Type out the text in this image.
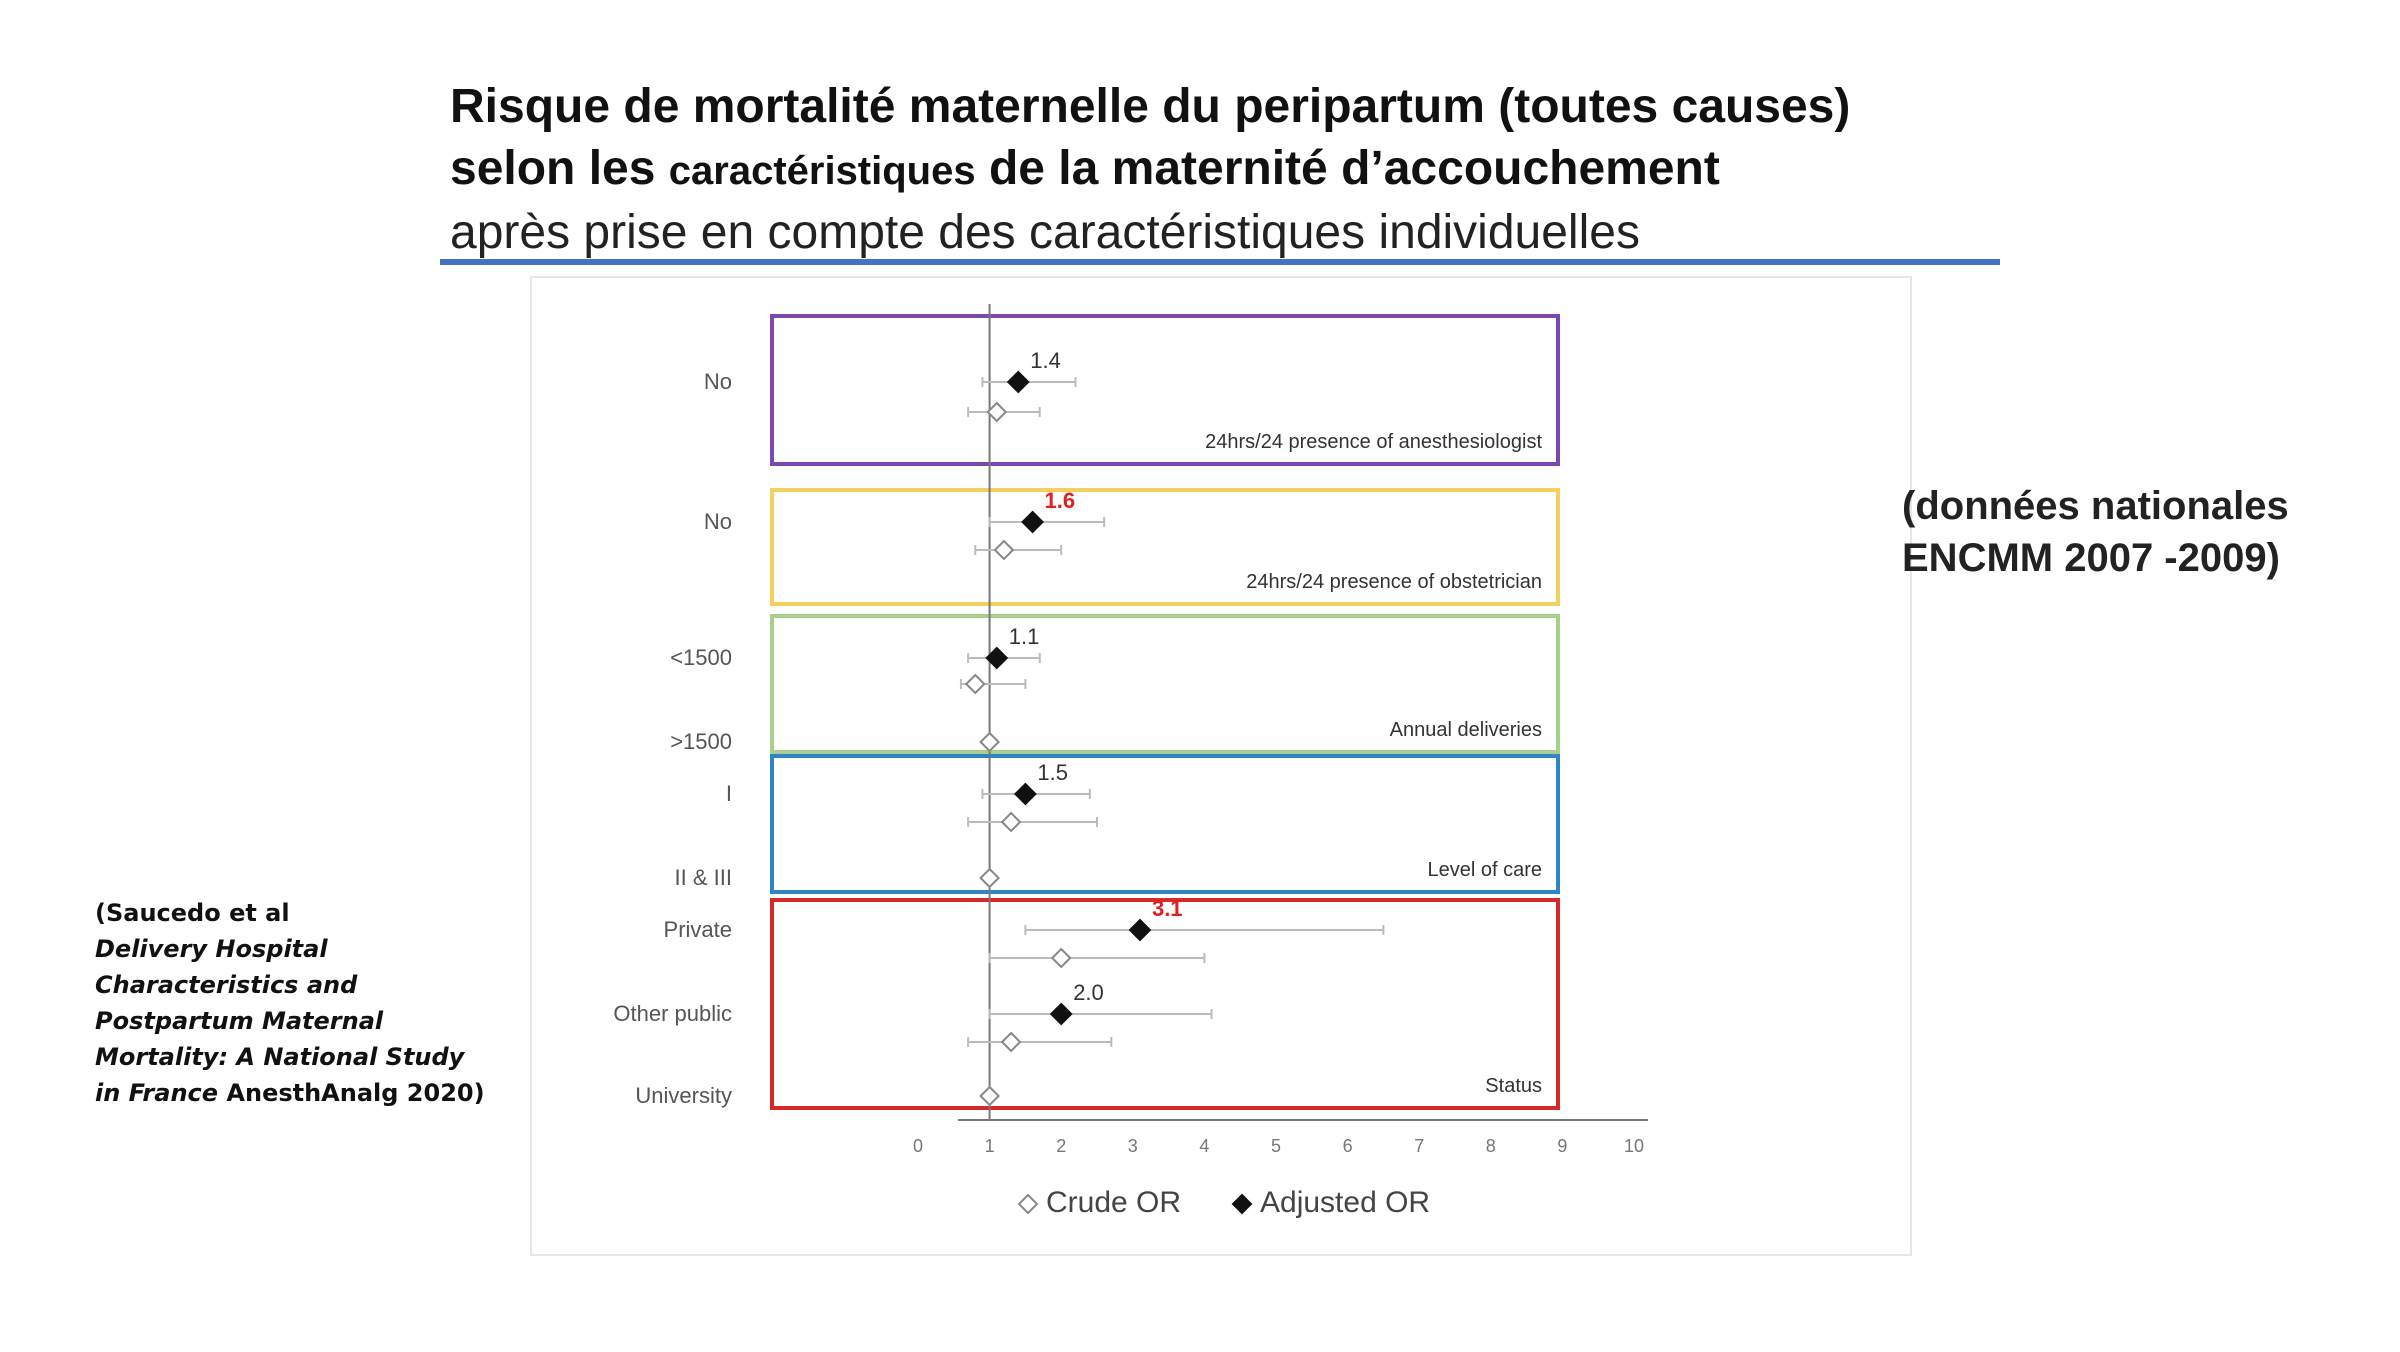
Risque de mortalité maternelle du peripartum (toutes causes)

selon les caractéristiques de la maternité d’accouchement

après prise en compte des caractéristiques individuelles

24hrs/24 presence of anesthesiologist
No
1.4
24hrs/24 presence of obstetrician
No
1.6
Annual deliveries
<1500
1.1
>1500
Level of care
I
1.5
II & III
Status
Private
3.1
Other public
2.0
University
0	1	2	3	4	5	6	7	8	9	10
Crude OR	Adjusted OR
(données nationales
ENCMM 2007 -2009)
(Saucedo et al
Delivery Hospital Characteristics and Postpartum Maternal Mortality: A National Study in France AnesthAnalg 2020)
